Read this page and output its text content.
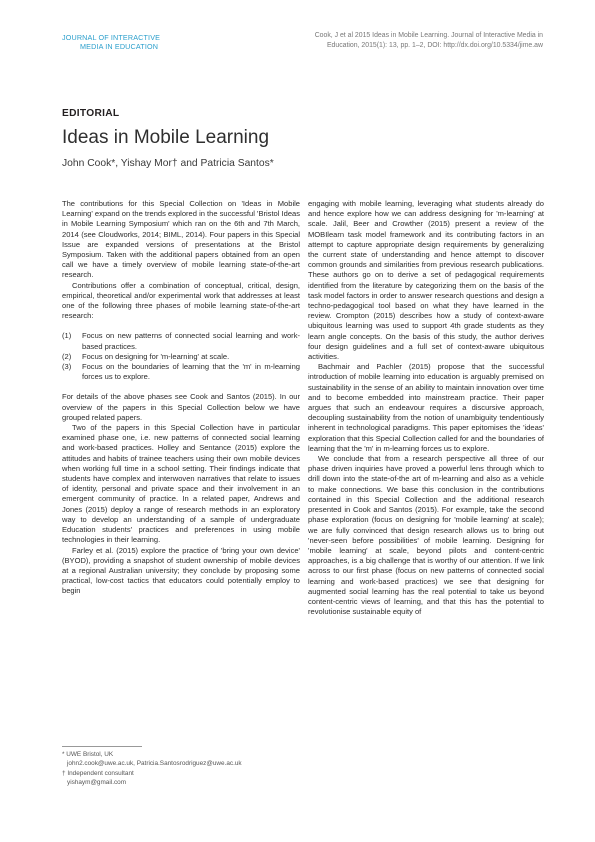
JOURNAL OF INTERACTIVE
MEDIA IN EDUCATION
Cook, J et al 2015 Ideas in Mobile Learning. Journal of Interactive Media in
Education, 2015(1): 13, pp. 1–2, DOI: http://dx.doi.org/10.5334/jime.aw
EDITORIAL
Ideas in Mobile Learning
John Cook*, Yishay Mor† and Patricia Santos*

The contributions for this Special Collection on 'Ideas in Mobile Learning' expand on the trends explored in the successful 'Bristol Ideas in Mobile Learning Symposium' which ran on the 6th and 7th March, 2014 (see Cloudworks, 2014; BIML, 2014). Four papers in this Special Issue are expanded versions of presentations at the Bristol Symposium. Taken with the additional papers obtained from an open call we have a timely overview of mobile learning state-of-the-art research.

Contributions offer a combination of conceptual, critical, design, empirical, theoretical and/or experimental work that addresses at least one of the following three phases of mobile learning state-of-the-art research:

(1) Focus on new patterns of connected social learning and work-based practices.
(2) Focus on designing for 'm-learning' at scale.
(3) Focus on the boundaries of learning that the 'm' in m-learning forces us to explore.

For details of the above phases see Cook and Santos (2015). In our overview of the papers in this Special Collection below we have grouped related papers.

Two of the papers in this Special Collection have in particular examined phase one, i.e. new patterns of connected social learning and work-based practices. Holley and Sentance (2015) explore the attitudes and habits of trainee teachers using their own mobile devices when working full time in a school setting. Their findings indicate that students have complex and interwoven narratives that relate to issues of identity, personal and private space and their involvement in an emergent community of practice. In a related paper, Andrews and Jones (2015) deploy a range of research methods in an exploratory way to develop an understanding of a sample of undergraduate Education students' practices and preferences in using mobile technologies in their learning.

Farley et al. (2015) explore the practice of 'bring your own device' (BYOD), providing a snapshot of student ownership of mobile devices at a regional Australian university; they conclude by proposing some practical, low-cost tactics that educators could potentially employ to begin

engaging with mobile learning, leveraging what students already do and hence explore how we can address designing for 'm-learning' at scale. Jalil, Beer and Crowther (2015) present a review of the MOBIlearn task model framework and its contributing factors in an attempt to capture appropriate design requirements by generalizing the current state of understanding and hence attempt to discover common grounds and similarities from previous research publications. These authors go on to derive a set of pedagogical requirements identified from the literature by categorizing them on the basis of the task model factors in order to answer research questions and design a techno-pedagogical tool based on what they have learned in the review. Crompton (2015) describes how a study of context-aware ubiquitous learning was used to support 4th grade students as they learn angle concepts. On the basis of this study, the author derives four design guidelines and a full set of context-aware ubiquitous activities.

Bachmair and Pachler (2015) propose that the successful introduction of mobile learning into education is arguably premised on sustainability in the sense of an ability to maintain innovation over time and to become embedded into mainstream practice. Their paper argues that such an endeavour requires a discursive approach, decoupling sustainability from the notion of unambiguity tendentiously inherent in technological paradigms. This paper epitomises the 'ideas' exploration that this Special Collection called for and the boundaries of learning that the 'm' in m-learning forces us to explore.

We conclude that from a research perspective all three of our phase driven inquiries have proved a powerful lens through which to drill down into the state-of-the art of m-learning and also as a vehicle to make connections. We base this conclusion in the contributions contained in this Special Collection and the additional research presented in Cook and Santos (2015). For example, take the second phase exploration (focus on designing for 'mobile learning' at scale); we are fully convinced that design research allows us to bring out 'never-seen before possibilities' of mobile learning. Designing for 'mobile learning' at scale, beyond pilots and content-centric approaches, is a big challenge that is worthy of our attention. If we link across to our first phase (focus on new patterns of connected social learning and work-based practices) we see that designing for augmented social learning has the real potential to take us beyond content-centric views of learning, and that this has the potential to revolutionise sustainable equity of

* UWE Bristol, UK
john2.cook@uwe.ac.uk, Patricia.Santosrodriguez@uwe.ac.uk
† Independent consultant
yishaym@gmail.com
